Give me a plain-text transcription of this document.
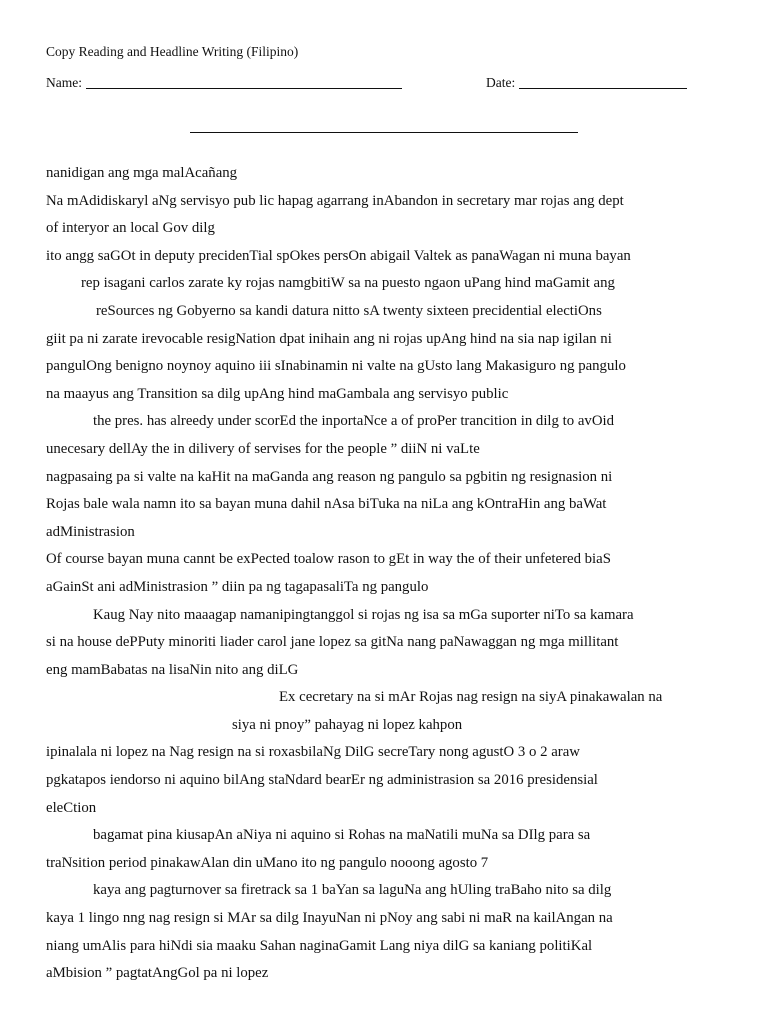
Copy Reading and Headline Writing (Filipino)
Name:	Date:
nanidigan ang mga malAcañang
Na mAdidiskaryl aNg servisyo pub lic hapag agarrang inAbandon in secretary mar rojas ang dept
of interyor an local Gov dilg
ito angg saGOt in deputy precidenTial spOkes persOn abigail Valtek as panaWagan ni muna bayan
rep isagani carlos zarate ky rojas namgbitiW sa na puesto ngaon uPang hind maGamit ang
reSources ng Gobyerno sa kandi datura nitto sA twenty sixteen precidential electiOns
giit pa ni zarate irevocable resigNation dpat inihain ang ni rojas upAng hind na sia nap igilan ni
pangulOng benigno noynoy aquino iii sInabinamin ni valte na gUsto lang Makasiguro ng pangulo
na maayus ang Transition sa dilg upAng hind maGambala ang servisyo public
the pres. has alreedy under scorEd the inportaNce a of proPer trancition in dilg to avOid
unecesary dellAy the in dilivery of servises for the people ” diiN ni vaLte
nagpasaing pa si valte na kaHit na maGanda ang reason ng pangulo sa pgbitin ng resignasion ni
Rojas bale wala namn ito sa bayan muna dahil nAsa biTuka na niLa ang kOntraHin ang baWat
adMinistrasion
Of course bayan muna cannt be exPected toalow rason to gEt in way the of their unfetered biaS
aGainSt ani adMinistrasion ” diin pa ng tagapasaliTa ng pangulo
Kaug Nay nito maaagap namanipingtanggol si rojas ng isa sa mGa suporter niTo sa kamara
si na house dePPuty minoriti liader carol jane lopez sa gitNa nang paNawaggan ng mga millitant
eng mamBabatas na lisaNin nito ang diLG
Ex cecretary na si mAr Rojas nag resign na siyA pinakawalan na
siya ni pnoy” pahayag ni lopez kahpon
ipinalala ni lopez na Nag resign na si roxasbilaNg DilG secreTary nong agustO 3 o 2 araw
pgkatapos iendorso ni aquino bilAng staNdard bearEr ng administrasion sa 2016 presidensial
eleCtion
bagamat pina kiusapAn aNiya ni aquino si Rohas na maNatili muNa sa DIlg para sa
traNsition period pinakawAlan din uMano ito ng pangulo nooong agosto 7
kaya ang pagturnover sa firetrack sa 1 baYan sa laguNa ang hUling traBaho nito sa dilg
kaya 1 lingo nng nag resign si MAr sa dilg InayuNan ni pNoy ang sabi ni maR na kailAngan na
niang umAlis para hiNdi sia maaku Sahan naginaGamit Lang niya dilG sa kaniang politiKal
aMbision ” pagtatAngGol pa ni lopez
